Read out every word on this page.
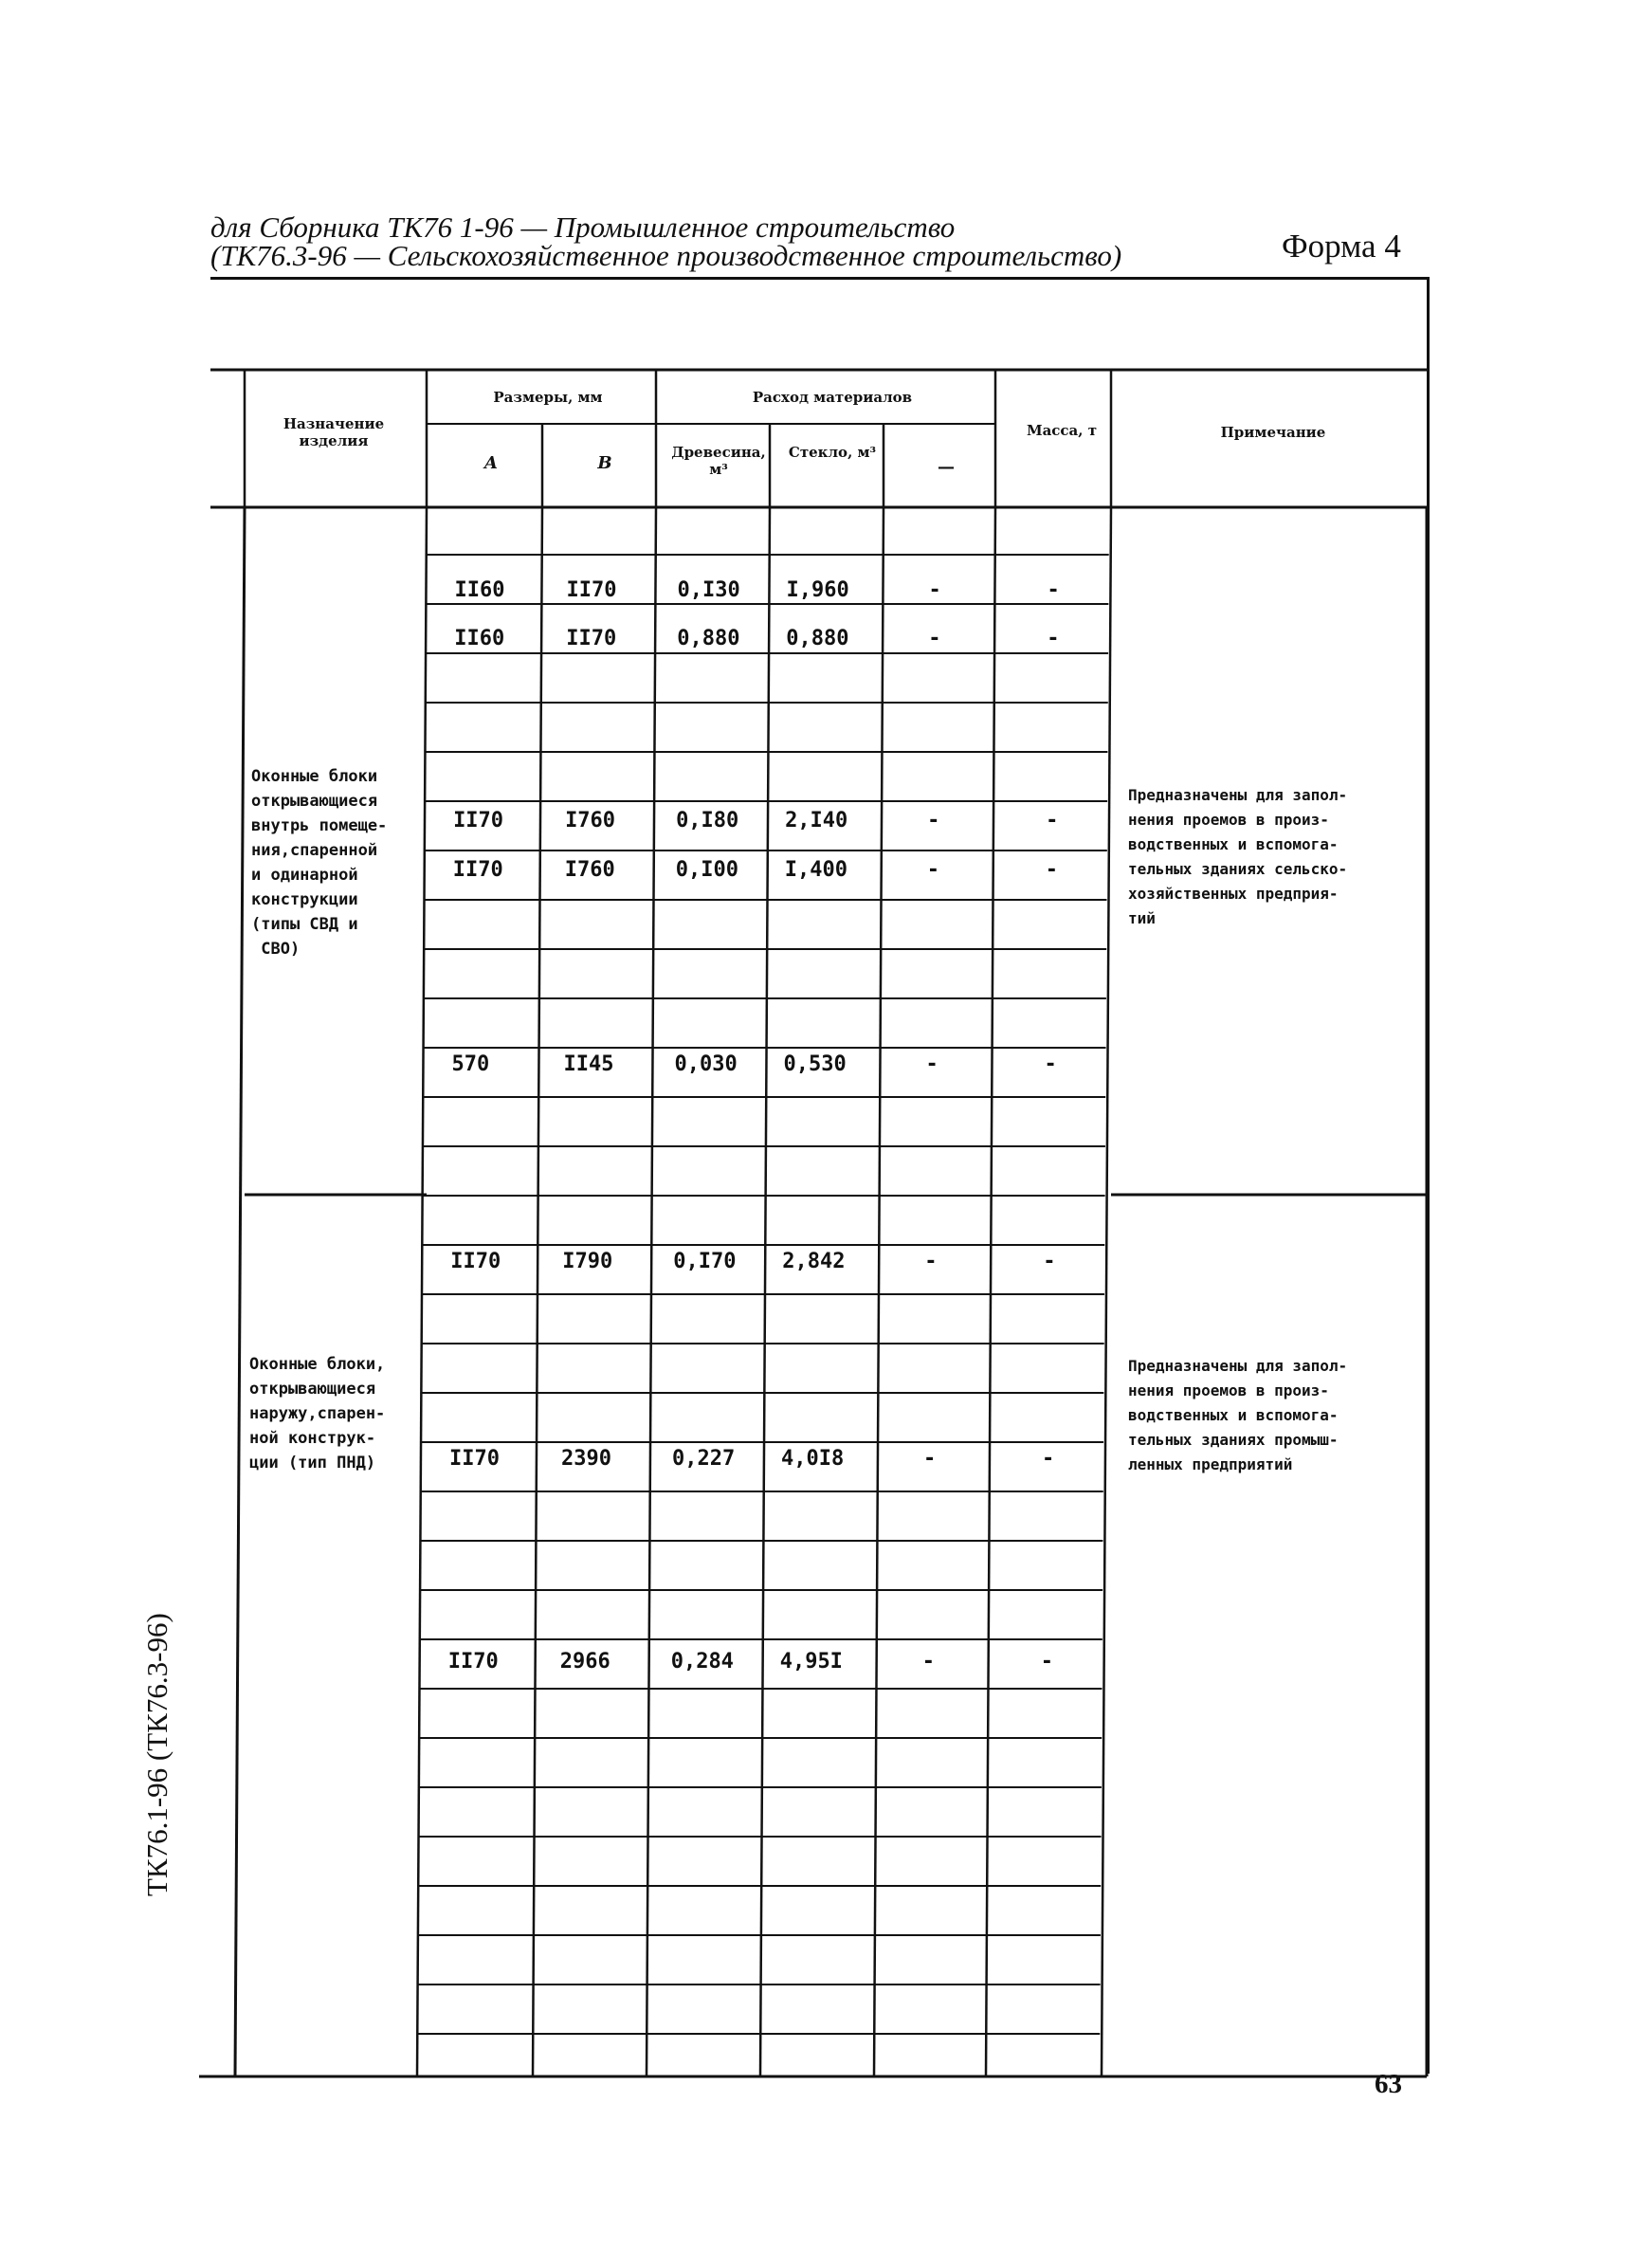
для Сборника ТК76 1-96 — Промышленное строительство
(ТК76.3-96 — Сельскохозяйственное производственное строительство)	Форма 4
Назначение изделия
Размеры, мм
А	В
Расход материалов
Древесина, м³
Стекло, м³
—
Масса, т	Примечание
Оконные блоки
открывающиеся
внутрь помеще-
ния,спаренной
и одинарной
конструкции
(типы СВД и
СВО)
Предназначены для запол-
нения проемов в произ-
водственных и вспомога-
тельных зданиях сельско-
хозяйственных предприя-
тий
Оконные блоки,
открывающиеся
наружу,спарен-
ной конструк-
ции (тип ПНД)
Предназначены для запол-
нения проемов в произ-
водственных и вспомога-
тельных зданиях промыш-
ленных предприятий
II60	II70	0,I30 I,960	-	-
II60	II70	0,880 0,880	-	-
II70	I760	0,I80 2,I40	-	-
II70	I760	0,I00 I,400	-	-
570	II45	0,030 0,530	-	-
II70	I790	0,I70 2,842	-	-
II70	2390	0,227 4,0I8	-	-
II70	2966	0,284 4,95I	-	-
ТК76.1-96 (ТК76.3-96)
63
